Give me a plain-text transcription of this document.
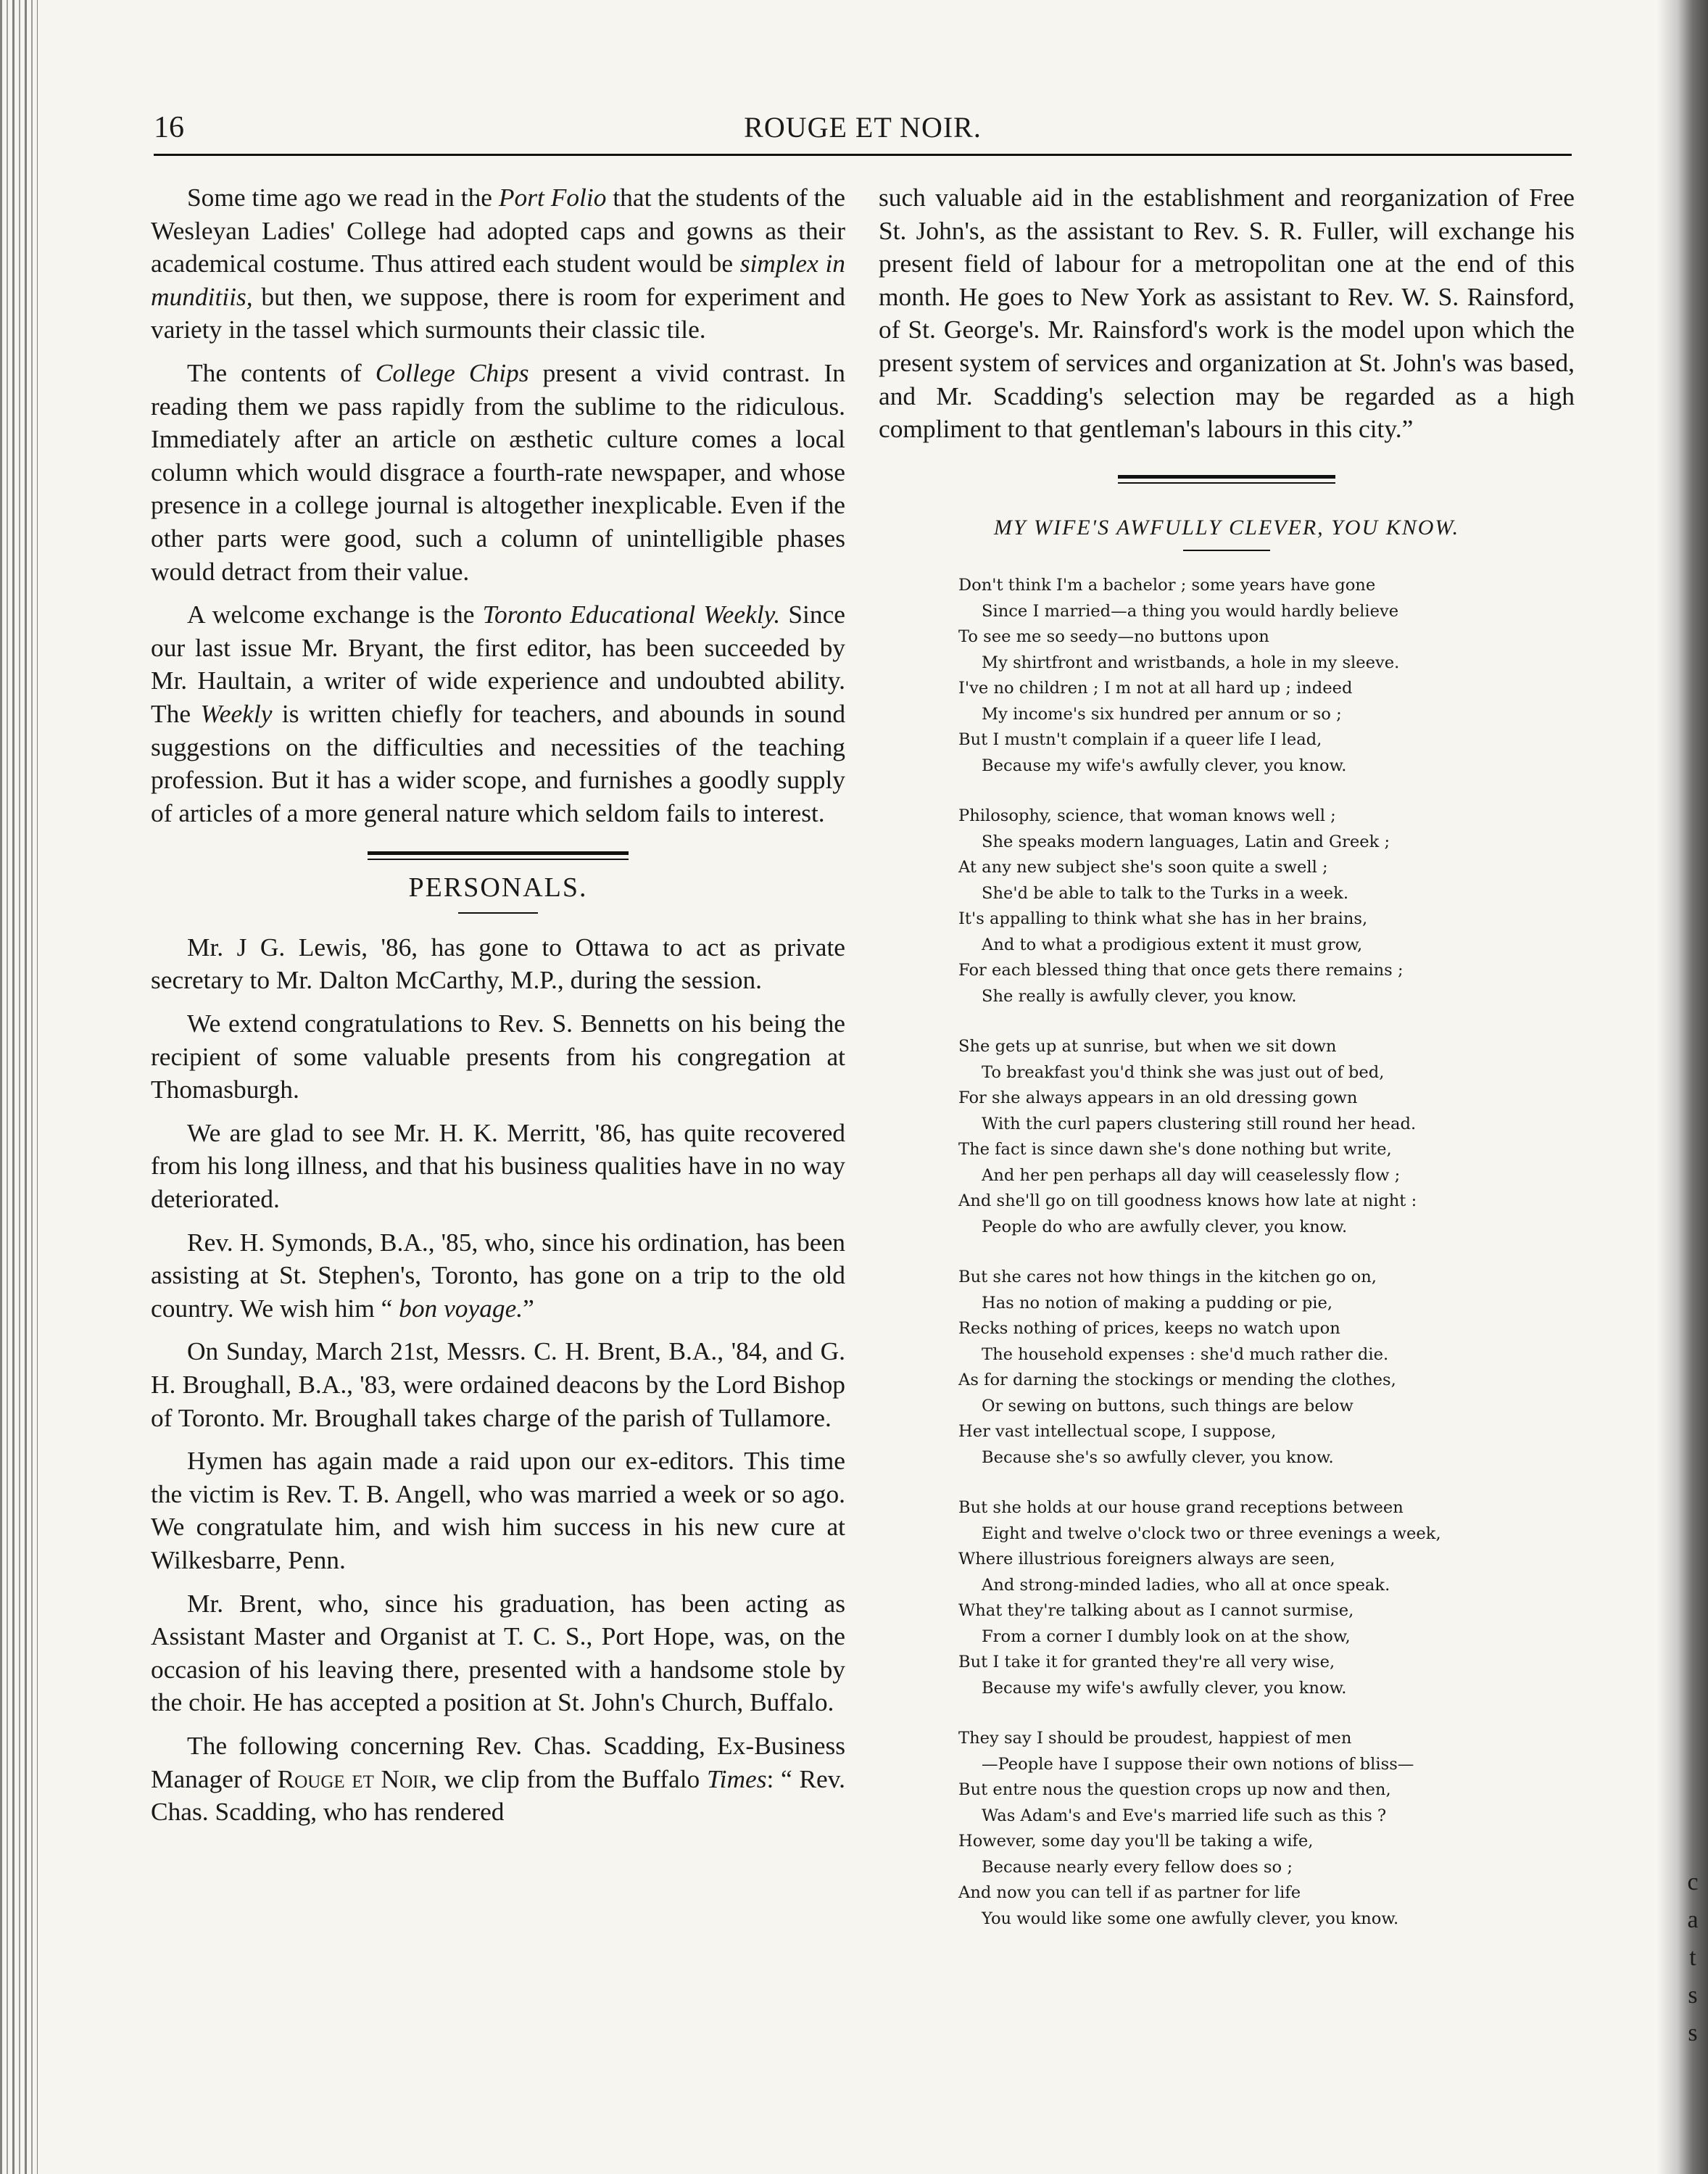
c
a
t
s
s
16	ROUGE ET NOIR.

Some time ago we read in the Port Folio that the students of the Wesleyan Ladies' College had adopted caps and gowns as their academical costume. Thus attired each student would be simplex in munditiis, but then, we suppose, there is room for experiment and variety in the tassel which surmounts their classic tile.

The contents of College Chips present a vivid contrast. In reading them we pass rapidly from the sublime to the ridiculous. Immediately after an article on æsthetic culture comes a local column which would disgrace a fourth-rate newspaper, and whose presence in a college journal is altogether inexplicable. Even if the other parts were good, such a column of unintelligible phases would detract from their value.

A welcome exchange is the Toronto Educational Weekly. Since our last issue Mr. Bryant, the first editor, has been succeeded by Mr. Haultain, a writer of wide experience and undoubted ability. The Weekly is written chiefly for teachers, and abounds in sound suggestions on the difficulties and necessities of the teaching profession. But it has a wider scope, and furnishes a goodly supply of articles of a more general nature which seldom fails to interest.

PERSONALS.

Mr. J G. Lewis, '86, has gone to Ottawa to act as private secretary to Mr. Dalton McCarthy, M.P., during the session.

We extend congratulations to Rev. S. Bennetts on his being the recipient of some valuable presents from his congregation at Thomasburgh.

We are glad to see Mr. H. K. Merritt, '86, has quite recovered from his long illness, and that his business qualities have in no way deteriorated.

Rev. H. Symonds, B.A., '85, who, since his ordination, has been assisting at St. Stephen's, Toronto, has gone on a trip to the old country. We wish him “ bon voyage.”

On Sunday, March 21st, Messrs. C. H. Brent, B.A., '84, and G. H. Broughall, B.A., '83, were ordained deacons by the Lord Bishop of Toronto. Mr. Broughall takes charge of the parish of Tullamore.

Hymen has again made a raid upon our ex-editors. This time the victim is Rev. T. B. Angell, who was married a week or so ago. We congratulate him, and wish him success in his new cure at Wilkesbarre, Penn.

Mr. Brent, who, since his graduation, has been acting as Assistant Master and Organist at T. C. S., Port Hope, was, on the occasion of his leaving there, presented with a handsome stole by the choir. He has accepted a position at St. John's Church, Buffalo.

The following concerning Rev. Chas. Scadding, Ex-Business Manager of Rouge et Noir, we clip from the Buffalo Times: “ Rev. Chas. Scadding, who has rendered

such valuable aid in the establishment and reorganization of Free St. John's, as the assistant to Rev. S. R. Fuller, will exchange his present field of labour for a metropolitan one at the end of this month. He goes to New York as assistant to Rev. W. S. Rainsford, of St. George's. Mr. Rainsford's work is the model upon which the present system of services and organization at St. John's was based, and Mr. Scadding's selection may be regarded as a high compliment to that gentleman's labours in this city.”

MY WIFE'S AWFULLY CLEVER, YOU KNOW.
Don't think I'm a bachelor ; some years have gone
Since I married—a thing you would hardly believe
To see me so seedy—no buttons upon
My shirtfront and wristbands, a hole in my sleeve.
I've no children ; I m not at all hard up ; indeed
My income's six hundred per annum or so ;
But I mustn't complain if a queer life I lead,
Because my wife's awfully clever, you know.
Philosophy, science, that woman knows well ;
She speaks modern languages, Latin and Greek ;
At any new subject she's soon quite a swell ;
She'd be able to talk to the Turks in a week.
It's appalling to think what she has in her brains,
And to what a prodigious extent it must grow,
For each blessed thing that once gets there remains ;
She really is awfully clever, you know.
She gets up at sunrise, but when we sit down
To breakfast you'd think she was just out of bed,
For she always appears in an old dressing gown
With the curl papers clustering still round her head.
The fact is since dawn she's done nothing but write,
And her pen perhaps all day will ceaselessly flow ;
And she'll go on till goodness knows how late at night :
People do who are awfully clever, you know.
But she cares not how things in the kitchen go on,
Has no notion of making a pudding or pie,
Recks nothing of prices, keeps no watch upon
The household expenses : she'd much rather die.
As for darning the stockings or mending the clothes,
Or sewing on buttons, such things are below
Her vast intellectual scope, I suppose,
Because she's so awfully clever, you know.
But she holds at our house grand receptions between
Eight and twelve o'clock two or three evenings a week,
Where illustrious foreigners always are seen,
And strong-minded ladies, who all at once speak.
What they're talking about as I cannot surmise,
From a corner I dumbly look on at the show,
But I take it for granted they're all very wise,
Because my wife's awfully clever, you know.
They say I should be proudest, happiest of men
—People have I suppose their own notions of bliss—
But entre nous the question crops up now and then,
Was Adam's and Eve's married life such as this ?
However, some day you'll be taking a wife,
Because nearly every fellow does so ;
And now you can tell if as partner for life
You would like some one awfully clever, you know.
